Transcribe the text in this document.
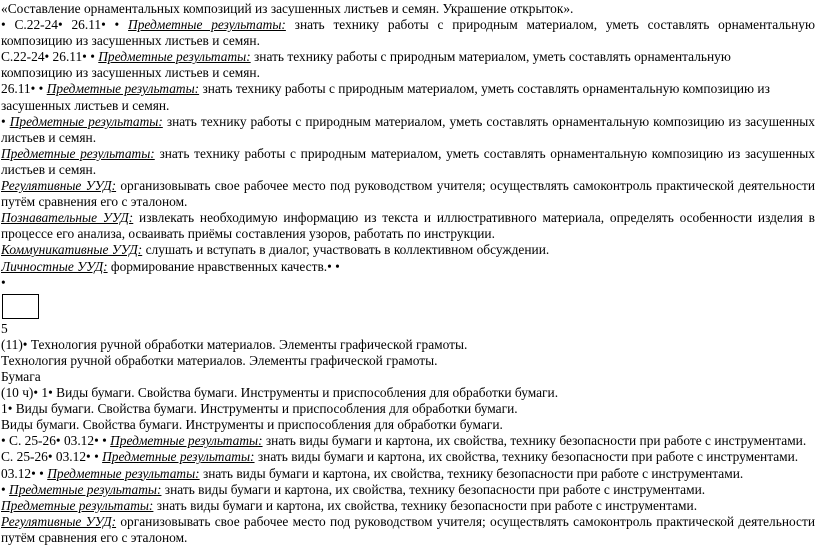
«Составление орнаментальных композиций из засушенных листьев и семян. Украшение открыток».
• С.22-24• 26.11• • Предметные результаты: знать технику работы с природным материалом, уметь составлять орнаментальную
композицию из засушенных листьев и семян.
С.22-24• 26.11• • Предметные результаты: знать технику работы с природным материалом, уметь составлять орнаментальную
композицию из засушенных листьев и семян.
26.11• • Предметные результаты: знать технику работы с природным материалом, уметь составлять орнаментальную композицию из
засушенных листьев и семян.
• Предметные результаты: знать технику работы с природным материалом, уметь составлять орнаментальную композицию из засушенных
листьев и семян.
Предметные результаты: знать технику работы с природным материалом, уметь составлять орнаментальную композицию из засушенных
листьев и семян.
Регулятивные УУД: организовывать свое рабочее место под руководством учителя; осуществлять самоконтроль практической деятельности
путём сравнения его с эталоном.
Познавательные УУД: извлекать необходимую информацию из текста и иллюстративного материала, определять особенности изделия в
процессе его анализа, осваивать приёмы составления узоров, работать по инструкции.
Коммуникативные УУД: слушать и вступать в диалог, участвовать в коллективном обсуждении.
Личностные УУД: формирование нравственных качеств.• •
•
5
(11)• Технология ручной обработки материалов. Элементы графической грамоты.
Технология ручной обработки материалов. Элементы графической грамоты.
Бумага
(10 ч)• 1• Виды бумаги. Свойства бумаги. Инструменты и приспособления для обработки бумаги.
1• Виды бумаги. Свойства бумаги. Инструменты и приспособления для обработки бумаги.
Виды бумаги. Свойства бумаги. Инструменты и приспособления для обработки бумаги.
• С. 25-26• 03.12• • Предметные результаты: знать виды бумаги и картона, их свойства, технику безопасности при работе с инструментами.
С. 25-26• 03.12• • Предметные результаты: знать виды бумаги и картона, их свойства, технику безопасности при работе с инструментами.
03.12• • Предметные результаты: знать виды бумаги и картона, их свойства, технику безопасности при работе с инструментами.
• Предметные результаты: знать виды бумаги и картона, их свойства, технику безопасности при работе с инструментами.
Предметные результаты: знать виды бумаги и картона, их свойства, технику безопасности при работе с инструментами.
Регулятивные УУД: организовывать свое рабочее место под руководством учителя; осуществлять самоконтроль практической деятельности
путём сравнения его с эталоном.
